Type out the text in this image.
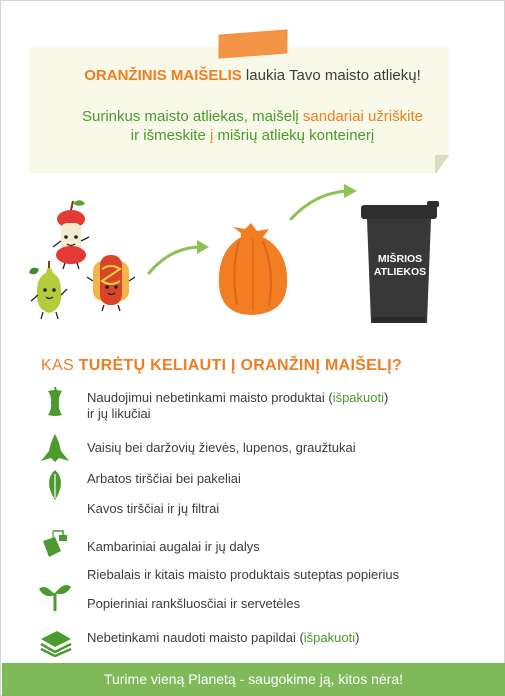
ORANŽINIS MAIŠELIS laukia Tavo maisto atliekų!
Surinkus maisto atliekas, maišelį sandariai užriškite
ir išmeskite į mišrių atliekų konteinerį
MIŠRIOS
ATLIEKOS
KAS TURĖTŲ KELIAUTI Į ORANŽINĮ MAIŠELĮ?
Naudojimui nebetinkami maisto produktai (išpakuoti)
ir jų likučiai
Vaisių bei daržovių žievės, lupenos, graužtukai
Arbatos tirščiai bei pakeliai
Kavos tirščiai ir jų filtrai
Kambariniai augalai ir jų dalys
Riebalais ir kitais maisto produktais suteptas popierius
Popieriniai rankšluosčiai ir servetėles
Nebetinkami naudoti maisto papildai (išpakuoti)
Turime vieną Planetą - saugokime ją, kitos nėra!
